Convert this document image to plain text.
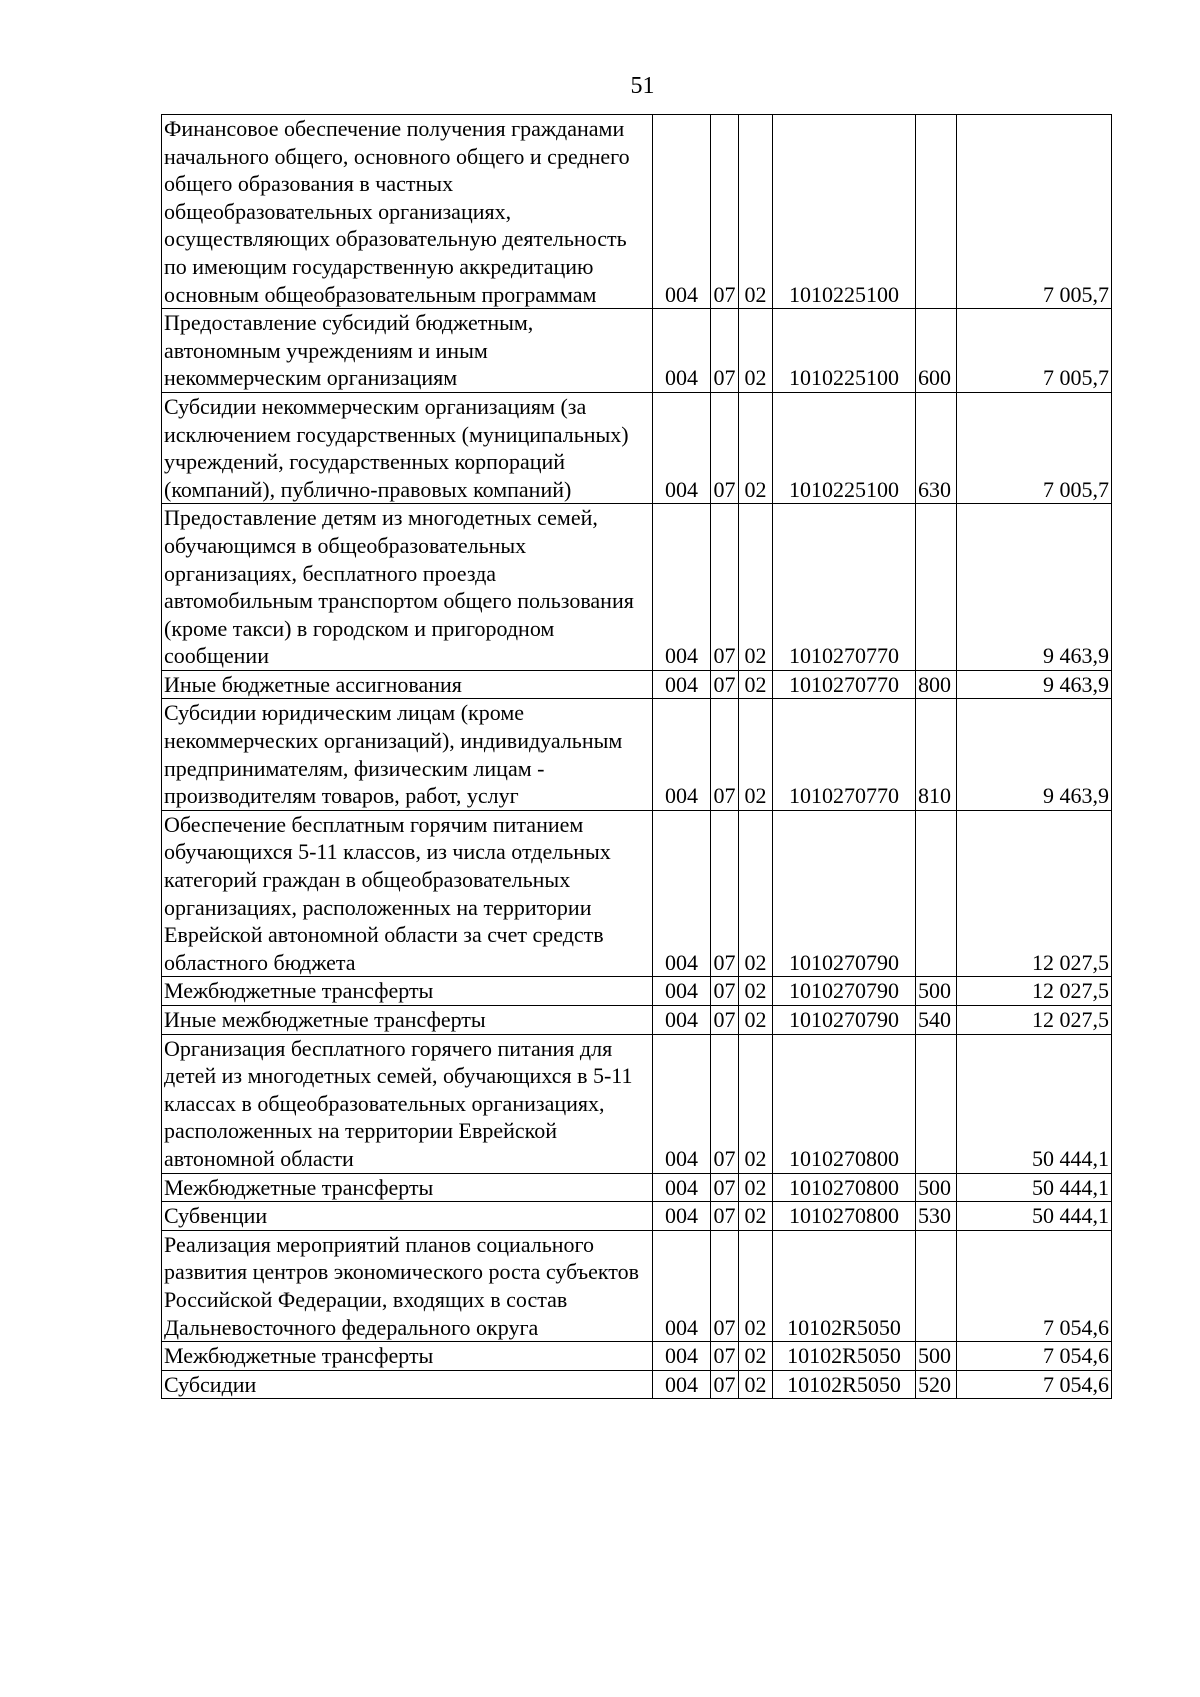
51
Финансовое обеспечение получения гражданами начального общего, основного общего и среднего общего образования в частных общеобразовательных организациях, осуществляющих образовательную деятельность по имеющим государственную аккредитацию основным общеобразовательным программам	004	07	02	1010225100		7 005,7
Предоставление субсидий бюджетным, автономным учреждениям и иным некоммерческим организациям	004	07	02	1010225100	600	7 005,7
Субсидии некоммерческим организациям (за исключением государственных (муниципальных) учреждений, государственных корпораций (компаний), публично-правовых компаний)	004	07	02	1010225100	630	7 005,7
Предоставление детям из многодетных семей, обучающимся в общеобразовательных организациях, бесплатного проезда автомобильным транспортом общего пользования (кроме такси) в городском и пригородном сообщении	004	07	02	1010270770		9 463,9
Иные бюджетные ассигнования	004	07	02	1010270770	800	9 463,9
Субсидии юридическим лицам (кроме некоммерческих организаций), индивидуальным предпринимателям, физическим лицам - производителям товаров, работ, услуг	004	07	02	1010270770	810	9 463,9
Обеспечение бесплатным горячим питанием обучающихся 5-11 классов, из числа отдельных категорий граждан в общеобразовательных организациях, расположенных на территории Еврейской автономной области за счет средств областного бюджета	004	07	02	1010270790		12 027,5
Межбюджетные трансферты	004	07	02	1010270790	500	12 027,5
Иные межбюджетные трансферты	004	07	02	1010270790	540	12 027,5
Организация бесплатного горячего питания для детей из многодетных семей, обучающихся в 5-11 классах в общеобразовательных организациях, расположенных на территории Еврейской автономной области	004	07	02	1010270800		50 444,1
Межбюджетные трансферты	004	07	02	1010270800	500	50 444,1
Субвенции	004	07	02	1010270800	530	50 444,1
Реализация мероприятий планов социального развития центров экономического роста субъектов Российской Федерации, входящих в состав Дальневосточного федерального округа	004	07	02	10102R5050		7 054,6
Межбюджетные трансферты	004	07	02	10102R5050	500	7 054,6
Субсидии	004	07	02	10102R5050	520	7 054,6
